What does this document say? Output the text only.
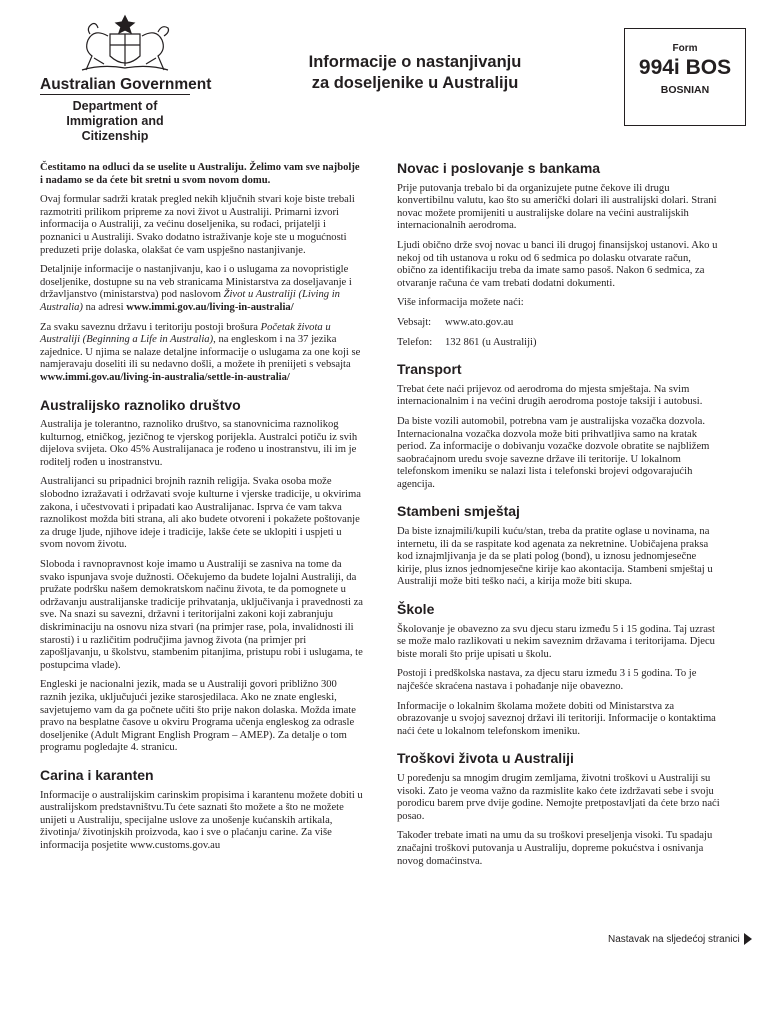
Australian Government
Department of Immigration and Citizenship
Informacije o nastanjivanju za doseljenike u Australiju
Form
994i BOS
BOSNIAN

Čestitamo na odluci da se uselite u Australiju. Želimo vam sve najbolje i nadamo se da ćete bit sretni u svom novom domu.

Ovaj formular sadrži kratak pregled nekih ključnih stvari koje biste trebali razmotriti prilikom pripreme za novi život u Australiji. Primarni izvori informacija o Australiji, za većinu doseljenika, su rođaci, prijatelji i poznanici u Australiji. Svako dodatno istraživanje koje ste u mogućnosti preduzeti prije dolaska, olakšat će vam uspješno nastanjivanje.

Detaljnije informacije o nastanjivanju, kao i o uslugama za novopristigle doseljenike, dostupne su na veb stranicama Ministarstva za doseljavanje i državljanstvo (ministarstva) pod naslovom Život u Australiji (Living in Australia) na adresi www.immi.gov.au/living-in-australia/

Za svaku saveznu državu i teritoriju postoji brošura Početak života u Australiji (Beginning a Life in Australia), na engleskom i na 37 jezika zajednice. U njima se nalaze detaljne informacije o uslugama za one koji se namjeravaju doseliti ili su nedavno došli, a možete ih preniijeti s vebsajta www.immi.gov.au/living-in-australia/settle-in-australia/

Australijsko raznoliko društvo

Australija je tolerantno, raznoliko društvo, sa stanovnicima raznolikog kulturnog, etničkog, jezičnog te vjerskog porijekla. Australci potiču iz svih dijelova svijeta. Oko 45% Australijanaca je rođeno u inostranstvu, ili im je roditelj rođen u inostranstvu.

Australijanci su pripadnici brojnih raznih religija. Svaka osoba može slobodno izražavati i održavati svoje kulturne i vjerske tradicije, u okvirima zakona, i učestvovati i pripadati kao Australijanac. Isprva će vam takva raznolikost možda biti strana, ali ako budete otvoreni i pokažete poštovanje za druge ljude, njihove ideje i tradicije, lakše ćete se uklopiti i uspjeti u svom novom životu.

Sloboda i ravnopravnost koje imamo u Australiji se zasniva na tome da svako ispunjava svoje dužnosti. Očekujemo da budete lojalni Australiji, da pružate podršku našem demokratskom načinu života, te da pomognete u održavanju australijanske tradicije prihvatanja, uključivanja i pravednosti za sve. Na snazi su savezni, državni i teritorijalni zakoni koji zabranjuju diskriminaciju na osnovu niza stvari (na primjer rase, pola, invalidnosti ili starosti) i u različitim područjima javnog života (na primjer pri zapošljavanju, u školstvu, stambenim pitanjima, pristupu robi i uslugama, te postupcima vlade).

Engleski je nacionalni jezik, mada se u Australiji govori približno 300 raznih jezika, uključujući jezike starosjedilaca. Ako ne znate engleski, savjetujemo vam da ga počnete učiti što prije nakon dolaska. Možda imate pravo na besplatne časove u okviru Programa učenja engleskog za odrasle doseljenike (Adult Migrant English Program – AMEP). Za detalje o tom programu pogledajte 4. stranicu.

Carina i karanten

Informacije o australijskim carinskim propisima i karantenu možete dobiti u australijskom predstavništvu.Tu ćete saznati što možete a što ne možete unijeti u Australiju, specijalne uslove za unošenje kućanskih artikala, životinja/ životinjskih proizvoda, kao i sve o plaćanju carine. Za više informacija posjetite www.customs.gov.au

Novac i poslovanje s bankama

Prije putovanja trebalo bi da organizujete putne čekove ili drugu konvertibilnu valutu, kao što su američki dolari ili australijski dolari. Strani novac možete promijeniti u australijske dolare na većini australijskih internacionalnih aerodroma.

Ljudi obično drže svoj novac u banci ili drugoj finansijskoj ustanovi. Ako u nekoj od tih ustanova u roku od 6 sedmica po dolasku otvarate račun, obično za identifikaciju treba da imate samo pasoš. Nakon 6 sedmica, za otvaranje računa će vam trebati dodatni dokumenti.

Više informacija možete naći:

Vebsajt:	www.ato.gov.au
Telefon:	132 861 (u Australiji)
Transport

Trebat ćete naći prijevoz od aerodroma do mjesta smještaja. Na svim internacionalnim i na većini drugih aerodroma postoje taksiji i autobusi.

Da biste vozili automobil, potrebna vam je australijska vozačka dozvola. Internacionalna vozačka dozvola može biti prihvatljiva samo na kratak period. Za informacije o dobivanju vozačke dozvole obratite se najbližem saobraćajnom uredu svoje savezne države ili teritorije. U lokalnom telefonskom imeniku se nalazi lista i telefonski brojevi odgovarajućih agencija.

Stambeni smještaj

Da biste iznajmili/kupili kuću/stan, treba da pratite oglase u novinama, na internetu, ili da se raspitate kod agenata za nekretnine. Uobičajena praksa kod iznajmljivanja je da se plati polog (bond), u iznosu jednomjesečne kirije, plus iznos jednomjesečne kirije kao akontacija. Stambeni smještaj u Australiji može biti teško naći, a kirija može biti skupa.

Škole

Školovanje je obavezno za svu djecu staru između 5 i 15 godina. Taj uzrast se može malo razlikovati u nekim saveznim državama i teritorijama. Djecu biste morali što prije upisati u školu.

Postoji i predškolska nastava, za djecu staru između 3 i 5 godina. To je najčešće skraćena nastava i pohađanje nije obavezno.

Informacije o lokalnim školama možete dobiti od Ministarstva za obrazovanje u svojoj saveznoj državi ili teritoriji. Informacije o kontaktima naći ćete u lokalnom telefonskom imeniku.

Troškovi života u Australiji

U poređenju sa mnogim drugim zemljama, životni troškovi u Australiji su visoki. Zato je veoma važno da razmislite kako ćete izdržavati sebe i svoju porodicu barem prve dvije godine. Nemojte pretpostavljati da ćete brzo naći posao.

Također trebate imati na umu da su troškovi preseljenja visoki. Tu spadaju značajni troškovi putovanja u Australiju, dopreme pokućstva i osnivanja novog domaćinstva.

Nastavak na sljedećoj stranici
